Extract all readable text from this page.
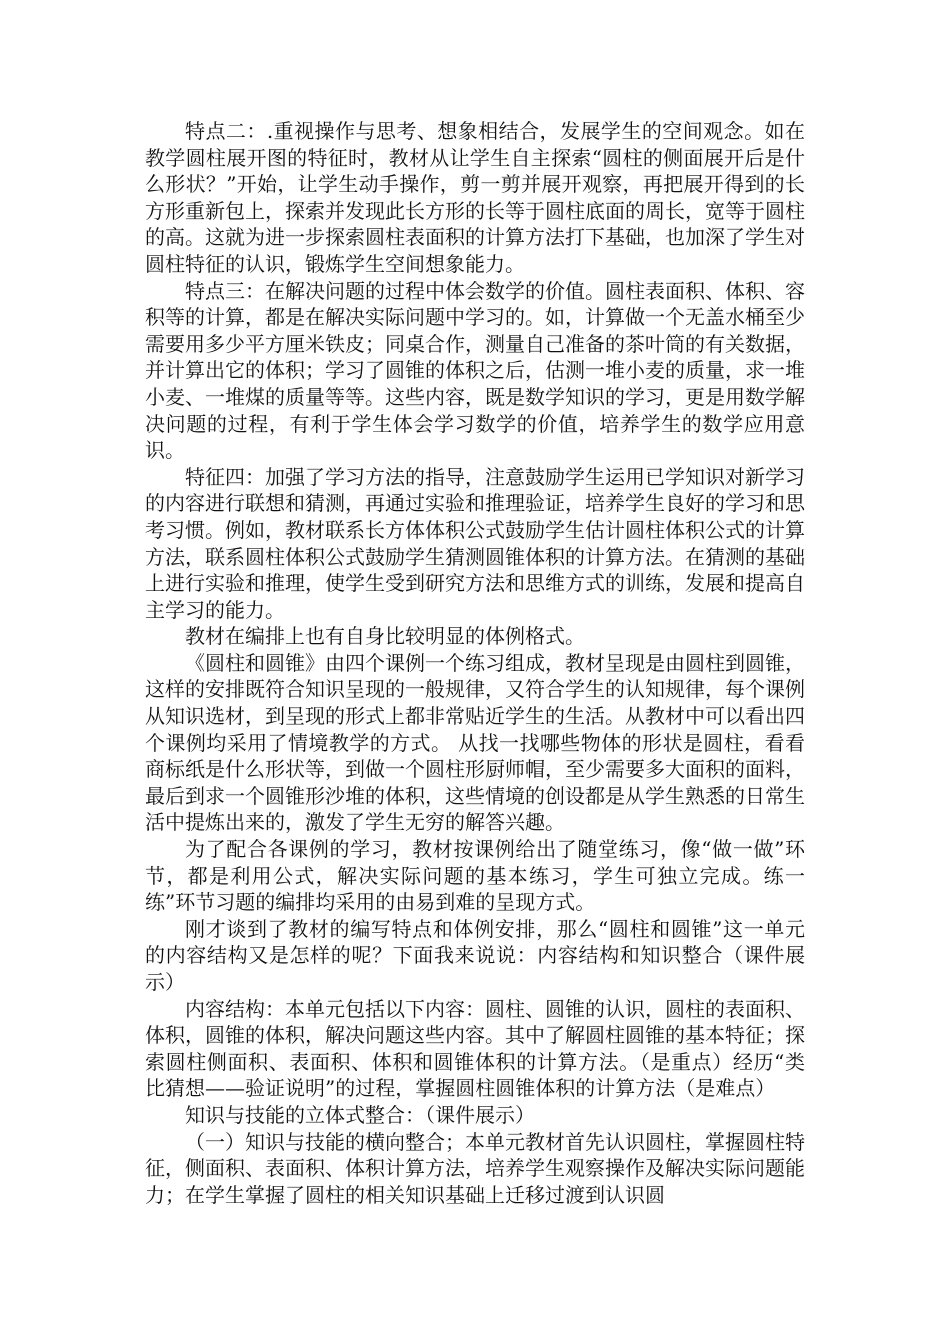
特点二：.重视操作与思考、想象相结合，发展学生的空间观念。如在教学圆柱展开图的特征时，教材从让学生自主探索“圆柱的侧面展开后是什么形状？”开始，让学生动手操作，剪一剪并展开观察，再把展开得到的长方形重新包上，探索并发现此长方形的长等于圆柱底面的周长，宽等于圆柱的高。这就为进一步探索圆柱表面积的计算方法打下基础，也加深了学生对圆柱特征的认识，锻炼学生空间想象能力。

特点三：在解决问题的过程中体会数学的价值。圆柱表面积、体积、容积等的计算，都是在解决实际问题中学习的。如，计算做一个无盖水桶至少需要用多少平方厘米铁皮；同桌合作，测量自己准备的茶叶筒的有关数据，并计算出它的体积；学习了圆锥的体积之后，估测一堆小麦的质量，求一堆小麦、一堆煤的质量等等。这些内容，既是数学知识的学习，更是用数学解决问题的过程，有利于学生体会学习数学的价值，培养学生的数学应用意识。

特征四：加强了学习方法的指导，注意鼓励学生运用已学知识对新学习的内容进行联想和猜测，再通过实验和推理验证，培养学生良好的学习和思考习惯。例如，教材联系长方体体积公式鼓励学生估计圆柱体积公式的计算方法，联系圆柱体积公式鼓励学生猜测圆锥体积的计算方法。在猜测的基础上进行实验和推理，使学生受到研究方法和思维方式的训练，发展和提高自主学习的能力。

教材在编排上也有自身比较明显的体例格式。

《圆柱和圆锥》由四个课例一个练习组成，教材呈现是由圆柱到圆锥，这样的安排既符合知识呈现的一般规律，又符合学生的认知规律，每个课例从知识选材，到呈现的形式上都非常贴近学生的生活。从教材中可以看出四个课例均采用了情境教学的方式。 从找一找哪些物体的形状是圆柱，看看商标纸是什么形状等，到做一个圆柱形厨师帽，至少需要多大面积的面料，最后到求一个圆锥形沙堆的体积，这些情境的创设都是从学生熟悉的日常生活中提炼出来的，激发了学生无穷的解答兴趣。

为了配合各课例的学习，教材按课例给出了随堂练习，像“做一做”环节，都是利用公式，解决实际问题的基本练习，学生可独立完成。练一练”环节习题的编排均采用的由易到难的呈现方式。

刚才谈到了教材的编写特点和体例安排，那么“圆柱和圆锥”这一单元的内容结构又是怎样的呢？下面我来说说：内容结构和知识整合（课件展示）

内容结构：本单元包括以下内容：圆柱、圆锥的认识，圆柱的表面积、体积，圆锥的体积，解决问题这些内容。其中了解圆柱圆锥的基本特征；探索圆柱侧面积、表面积、体积和圆锥体积的计算方法。（是重点）经历“类比猜想——验证说明”的过程，掌握圆柱圆锥体积的计算方法（是难点）

知识与技能的立体式整合：（课件展示）

（一）知识与技能的横向整合；本单元教材首先认识圆柱，掌握圆柱特征，侧面积、表面积、体积计算方法，培养学生观察操作及解决实际问题能力；在学生掌握了圆柱的相关知识基础上迁移过渡到认识圆
